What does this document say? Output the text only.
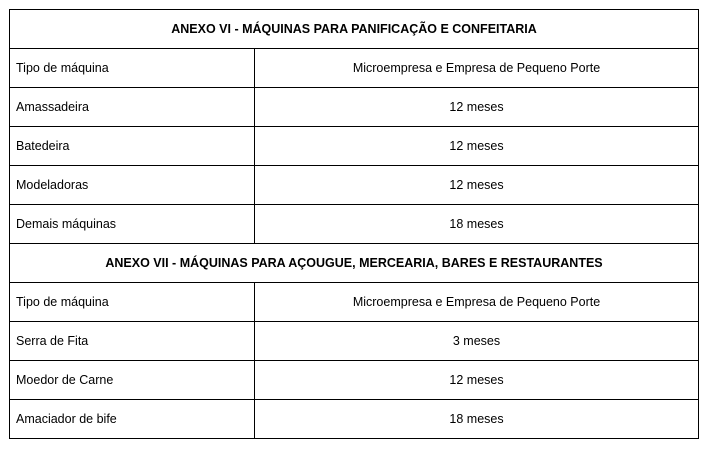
ANEXO VI - MÁQUINAS PARA PANIFICAÇÃO E CONFEITARIA	
Tipo de máquina	Microempresa e Empresa de Pequeno Porte
Amassadeira	12 meses
Batedeira	12 meses
Modeladoras	12 meses
Demais máquinas	18 meses
ANEXO VII - MÁQUINAS PARA AÇOUGUE, MERCEARIA, BARES E RESTAURANTES	
Tipo de máquina	Microempresa e Empresa de Pequeno Porte
Serra de Fita	3 meses
Moedor de Carne	12 meses
Amaciador de bife	18 meses
